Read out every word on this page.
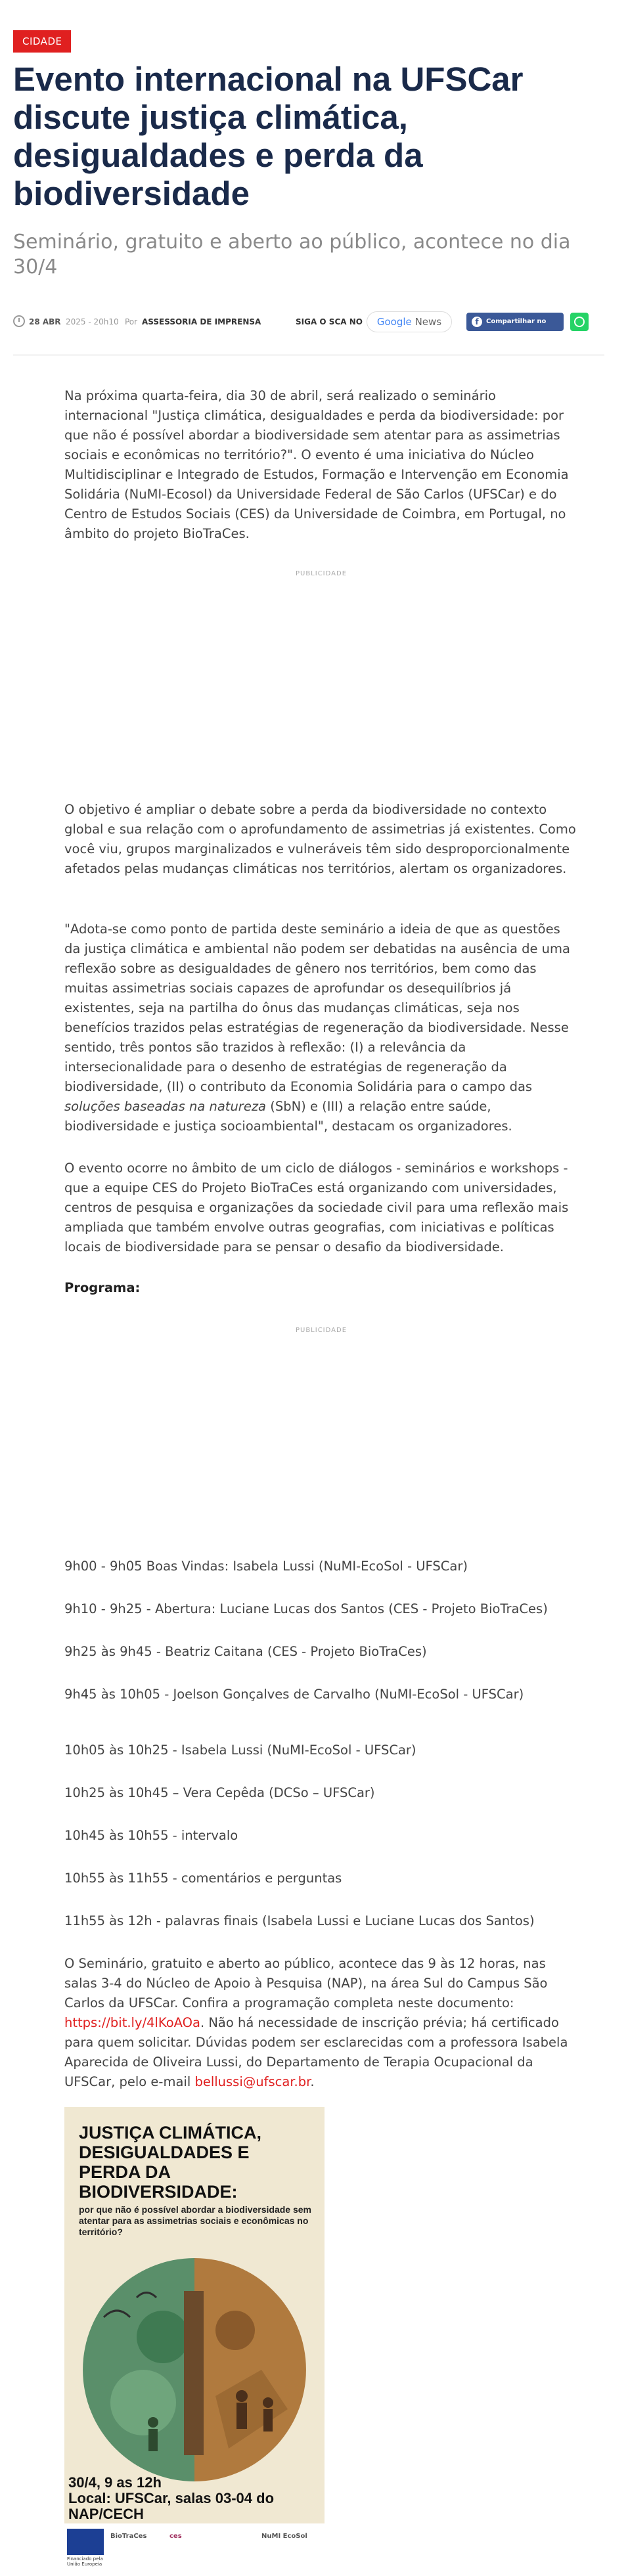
CIDADE
Evento internacional na UFSCar discute justiça climática, desigualdades e perda da biodiversidade
Seminário, gratuito e aberto ao público, acontece no dia 30/4
28 ABR 2025 - 20h10 Por ASSESSORIA DE IMPRENSA	SIGA O SCA NO	Google News	f	Compartilhar no facebook

Na próxima quarta-feira, dia 30 de abril, será realizado o seminário internacional "Justiça climática, desigualdades e perda da biodiversidade: por que não é possível abordar a biodiversidade sem atentar para as assimetrias sociais e econômicas no território?". O evento é uma iniciativa do Núcleo Multidisciplinar e Integrado de Estudos, Formação e Intervenção em Economia Solidária (NuMI-Ecosol) da Universidade Federal de São Carlos (UFSCar) e do Centro de Estudos Sociais (CES) da Universidade de Coimbra, em Portugal, no âmbito do projeto BioTraCes.

PUBLICIDADE

O objetivo é ampliar o debate sobre a perda da biodiversidade no contexto global e sua relação com o aprofundamento de assimetrias já existentes. Como você viu, grupos marginalizados e vulneráveis têm sido desproporcionalmente afetados pelas mudanças climáticas nos territórios, alertam os organizadores.

"Adota-se como ponto de partida deste seminário a ideia de que as questões da justiça climática e ambiental não podem ser debatidas na ausência de uma reflexão sobre as desigualdades de gênero nos territórios, bem como das muitas assimetrias sociais capazes de aprofundar os desequilíbrios já existentes, seja na partilha do ônus das mudanças climáticas, seja nos benefícios trazidos pelas estratégias de regeneração da biodiversidade. Nesse sentido, três pontos são trazidos à reflexão: (I) a relevância da intersecionalidade para o desenho de estratégias de regeneração da biodiversidade, (II) o contributo da Economia Solidária para o campo das soluções baseadas na natureza (SbN) e (III) a relação entre saúde, biodiversidade e justiça socioambiental", destacam os organizadores.

O evento ocorre no âmbito de um ciclo de diálogos - seminários e workshops - que a equipe CES do Projeto BioTraCes está organizando com universidades, centros de pesquisa e organizações da sociedade civil para uma reflexão mais ampliada que também envolve outras geografias, com iniciativas e políticas locais de biodiversidade para se pensar o desafio da biodiversidade.

Programa:

PUBLICIDADE

9h00 - 9h05 Boas Vindas: Isabela Lussi (NuMI-EcoSol - UFSCar)

9h10 - 9h25 - Abertura: Luciane Lucas dos Santos (CES - Projeto BioTraCes)

9h25 às 9h45 - Beatriz Caitana (CES - Projeto BioTraCes)

9h45 às 10h05 - Joelson Gonçalves de Carvalho (NuMI-EcoSol - UFSCar)

10h05 às 10h25 - Isabela Lussi (NuMI-EcoSol - UFSCar)

10h25 às 10h45 – Vera Cepêda (DCSo – UFSCar)

10h45 às 10h55 - intervalo

10h55 às 11h55 - comentários e perguntas

11h55 às 12h - palavras finais (Isabela Lussi e Luciane Lucas dos Santos)

O Seminário, gratuito e aberto ao público, acontece das 9 às 12 horas, nas salas 3-4 do Núcleo de Apoio à Pesquisa (NAP), na área Sul do Campus São Carlos da UFSCar. Confira a programação completa neste documento: https://bit.ly/4lKoAOa. Não há necessidade de inscrição prévia; há certificado para quem solicitar. Dúvidas podem ser esclarecidas com a professora Isabela Aparecida de Oliveira Lussi, do Departamento de Terapia Ocupacional da UFSCar, pelo e-mail bellussi@ufscar.br.

JUSTIÇA CLIMÁTICA, DESIGUALDADES E PERDA DA BIODIVERSIDADE:
por que não é possível abordar a biodiversidade sem atentar para as assimetrias sociais e econômicas no território?
30/4, 9 as 12h
Local: UFSCar, salas 03-04 do NAP/CECH
Financiado pela União Europeia
BioTraCes	ces	NuMI EcoSol
